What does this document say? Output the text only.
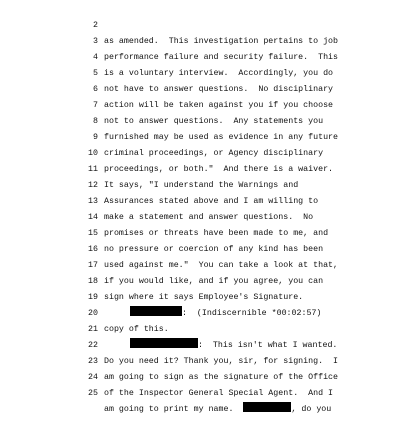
2

as amended.  This investigation pertains to job

3

performance failure and security failure.  This

4

is a voluntary interview.  Accordingly, you do

5

not have to answer questions.  No disciplinary

6

action will be taken against you if you choose

7

not to answer questions.  Any statements you

8

furnished may be used as evidence in any future

9

criminal proceedings, or Agency disciplinary

10

proceedings, or both."  And there is a waiver.

11

It says, "I understand the Warnings and

12

Assurances stated above and I am willing to

13

make a statement and answer questions.  No

14

promises or threats have been made to me, and

15

no pressure or coercion of any kind has been

16

used against me."  You can take a look at that,

17

if you would like, and if you agree, you can

18

sign where it says Employee's Signature.

19

:  (Indiscernible *00:02:57)

20

copy of this.

21

:  This isn't what I wanted.

22

Do you need it? Thank you, sir, for signing.  I

23

am going to sign as the signature of the Office

24

of the Inspector General Special Agent.  And I

25

am going to print my name.	, do you
